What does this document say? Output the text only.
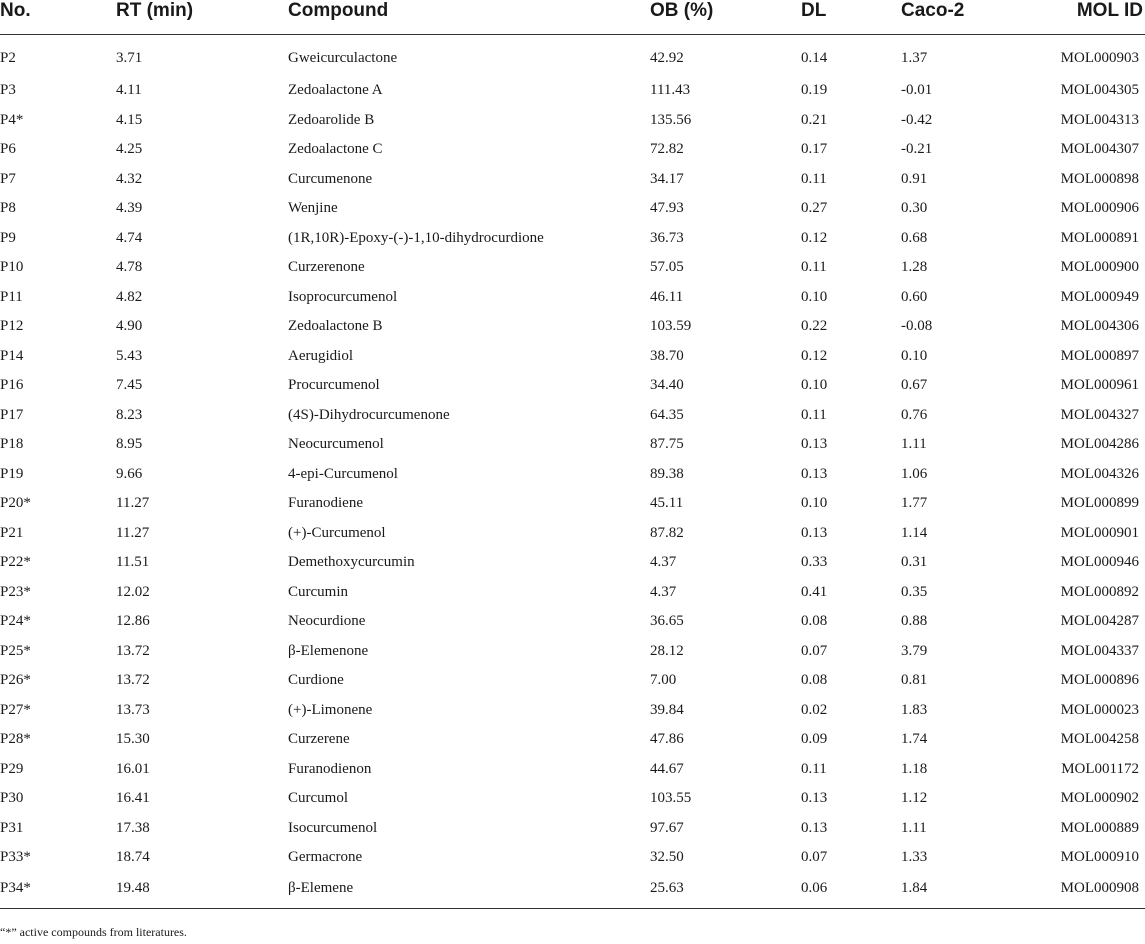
No.	RT (min)	Compound	OB (%)	DL	Caco-2	MOL ID
P2	3.71	Gweicurculactone	42.92	0.14	1.37	MOL000903
P3	4.11	Zedoalactone A	111.43	0.19	-0.01	MOL004305
P4*	4.15	Zedoarolide B	135.56	0.21	-0.42	MOL004313
P6	4.25	Zedoalactone C	72.82	0.17	-0.21	MOL004307
P7	4.32	Curcumenone	34.17	0.11	0.91	MOL000898
P8	4.39	Wenjine	47.93	0.27	0.30	MOL000906
P9	4.74	(1R,10R)-Epoxy-(-)-1,10-dihydrocurdione	36.73	0.12	0.68	MOL000891
P10	4.78	Curzerenone	57.05	0.11	1.28	MOL000900
P11	4.82	Isoprocurcumenol	46.11	0.10	0.60	MOL000949
P12	4.90	Zedoalactone B	103.59	0.22	-0.08	MOL004306
P14	5.43	Aerugidiol	38.70	0.12	0.10	MOL000897
P16	7.45	Procurcumenol	34.40	0.10	0.67	MOL000961
P17	8.23	(4S)-Dihydrocurcumenone	64.35	0.11	0.76	MOL004327
P18	8.95	Neocurcumenol	87.75	0.13	1.11	MOL004286
P19	9.66	4-epi-Curcumenol	89.38	0.13	1.06	MOL004326
P20*	11.27	Furanodiene	45.11	0.10	1.77	MOL000899
P21	11.27	(+)-Curcumenol	87.82	0.13	1.14	MOL000901
P22*	11.51	Demethoxycurcumin	4.37	0.33	0.31	MOL000946
P23*	12.02	Curcumin	4.37	0.41	0.35	MOL000892
P24*	12.86	Neocurdione	36.65	0.08	0.88	MOL004287
P25*	13.72	β-Elemenone	28.12	0.07	3.79	MOL004337
P26*	13.72	Curdione	7.00	0.08	0.81	MOL000896
P27*	13.73	(+)-Limonene	39.84	0.02	1.83	MOL000023
P28*	15.30	Curzerene	47.86	0.09	1.74	MOL004258
P29	16.01	Furanodienon	44.67	0.11	1.18	MOL001172
P30	16.41	Curcumol	103.55	0.13	1.12	MOL000902
P31	17.38	Isocurcumenol	97.67	0.13	1.11	MOL000889
P33*	18.74	Germacrone	32.50	0.07	1.33	MOL000910
P34*	19.48	β-Elemene	25.63	0.06	1.84	MOL000908
“*” active compounds from literatures.
